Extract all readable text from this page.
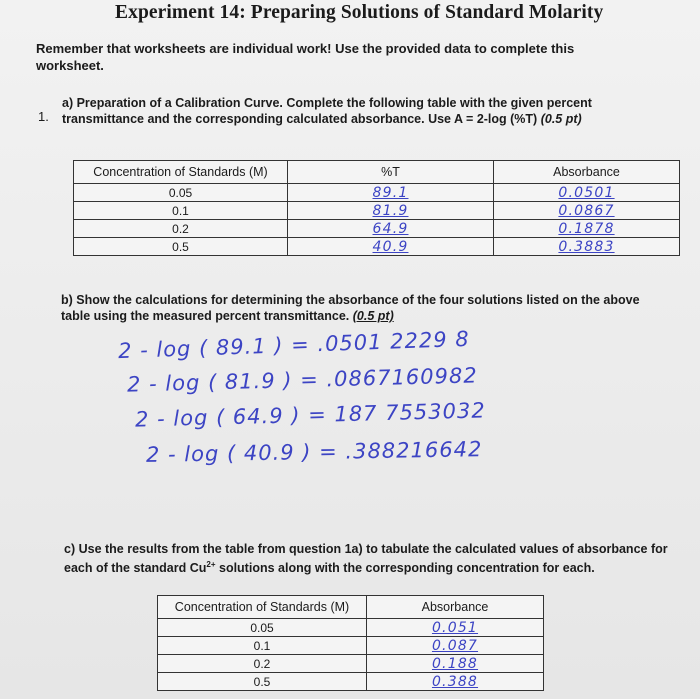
Experiment 14: Preparing Solutions of Standard Molarity
Remember that worksheets are individual work! Use the provided data to complete this worksheet.
1.
a) Preparation of a Calibration Curve. Complete the following table with the given percent transmittance and the corresponding calculated absorbance. Use A = 2-log (%T) (0.5 pt)
Concentration of Standards (M)	%T	Absorbance
0.05	89.1	0.0501
0.1	81.9	0.0867
0.2	64.9	0.1878
0.5	40.9	0.3883
b) Show the calculations for determining the absorbance of the four solutions listed on the above table using the measured percent transmittance. (0.5 pt)
2 - log ( 89.1 ) = .0501 2229 8
2 - log ( 81.9 ) = .0867160982
2 - log ( 64.9 ) = 187 7553032
2 - log ( 40.9 ) = .388216642
c) Use the results from the table from question 1a) to tabulate the calculated values of absorbance for each of the standard $Cu^{2+}$ solutions along with the corresponding concentration for each.
Concentration of Standards (M)	Absorbance
0.05	0.051
0.1	0.087
0.2	0.188
0.5	0.388
